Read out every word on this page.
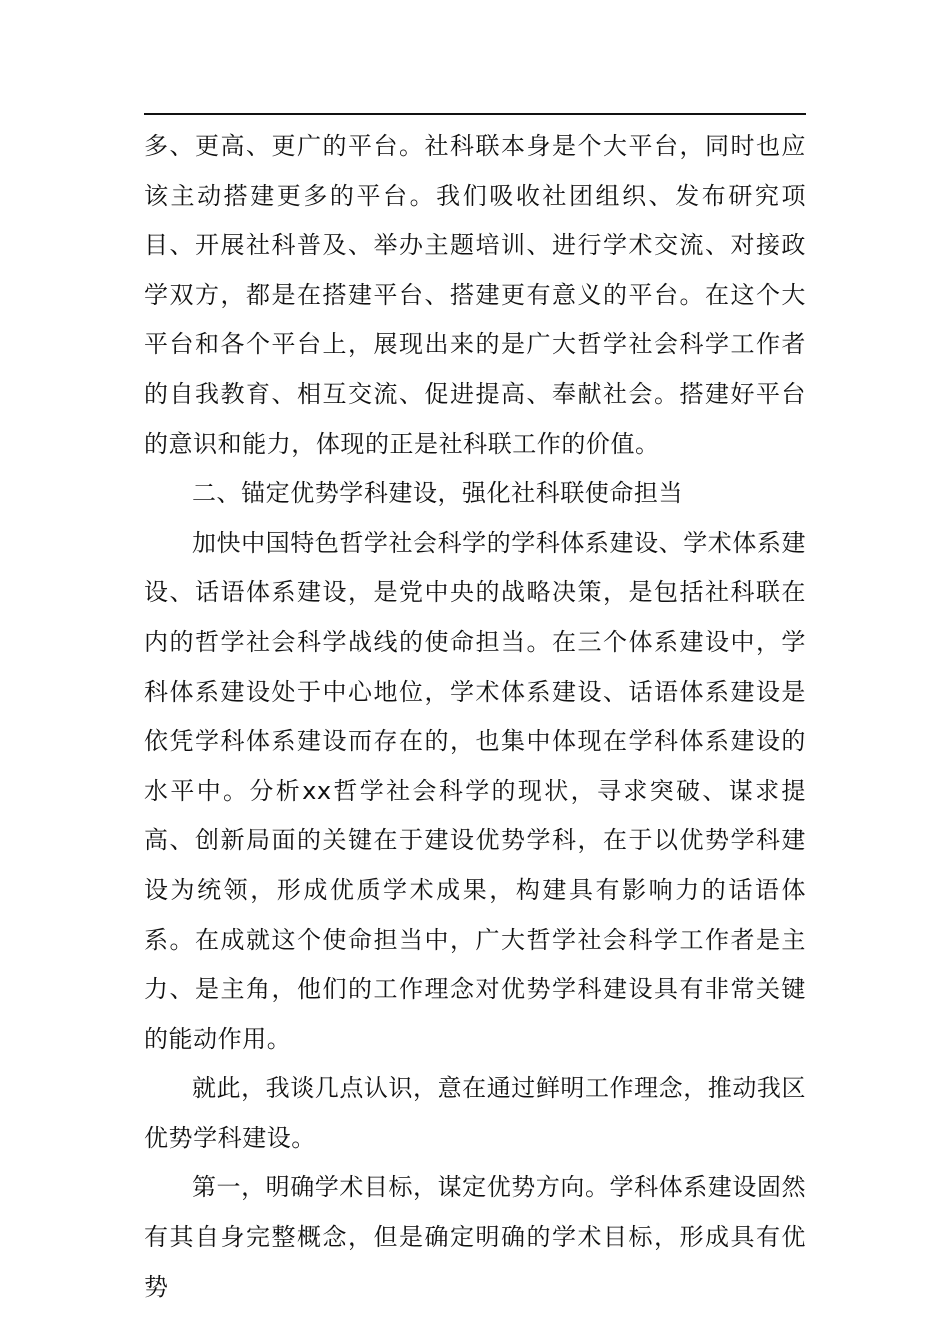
多、更高、更广的平台。社科联本身是个大平台，同时也应该主动搭建更多的平台。我们吸收社团组织、发布研究项目、开展社科普及、举办主题培训、进行学术交流、对接政学双方，都是在搭建平台、搭建更有意义的平台。在这个大平台和各个平台上，展现出来的是广大哲学社会科学工作者的自我教育、相互交流、促进提高、奉献社会。搭建好平台的意识和能力，体现的正是社科联工作的价值。

二、锚定优势学科建设，强化社科联使命担当

加快中国特色哲学社会科学的学科体系建设、学术体系建设、话语体系建设，是党中央的战略决策，是包括社科联在内的哲学社会科学战线的使命担当。在三个体系建设中，学科体系建设处于中心地位，学术体系建设、话语体系建设是依凭学科体系建设而存在的，也集中体现在学科体系建设的水平中。分析xx哲学社会科学的现状，寻求突破、谋求提高、创新局面的关键在于建设优势学科，在于以优势学科建设为统领，形成优质学术成果，构建具有影响力的话语体系。在成就这个使命担当中，广大哲学社会科学工作者是主力、是主角，他们的工作理念对优势学科建设具有非常关键的能动作用。

就此，我谈几点认识，意在通过鲜明工作理念，推动我区优势学科建设。

第一，明确学术目标，谋定优势方向。学科体系建设固然有其自身完整概念，但是确定明确的学术目标，形成具有优势
